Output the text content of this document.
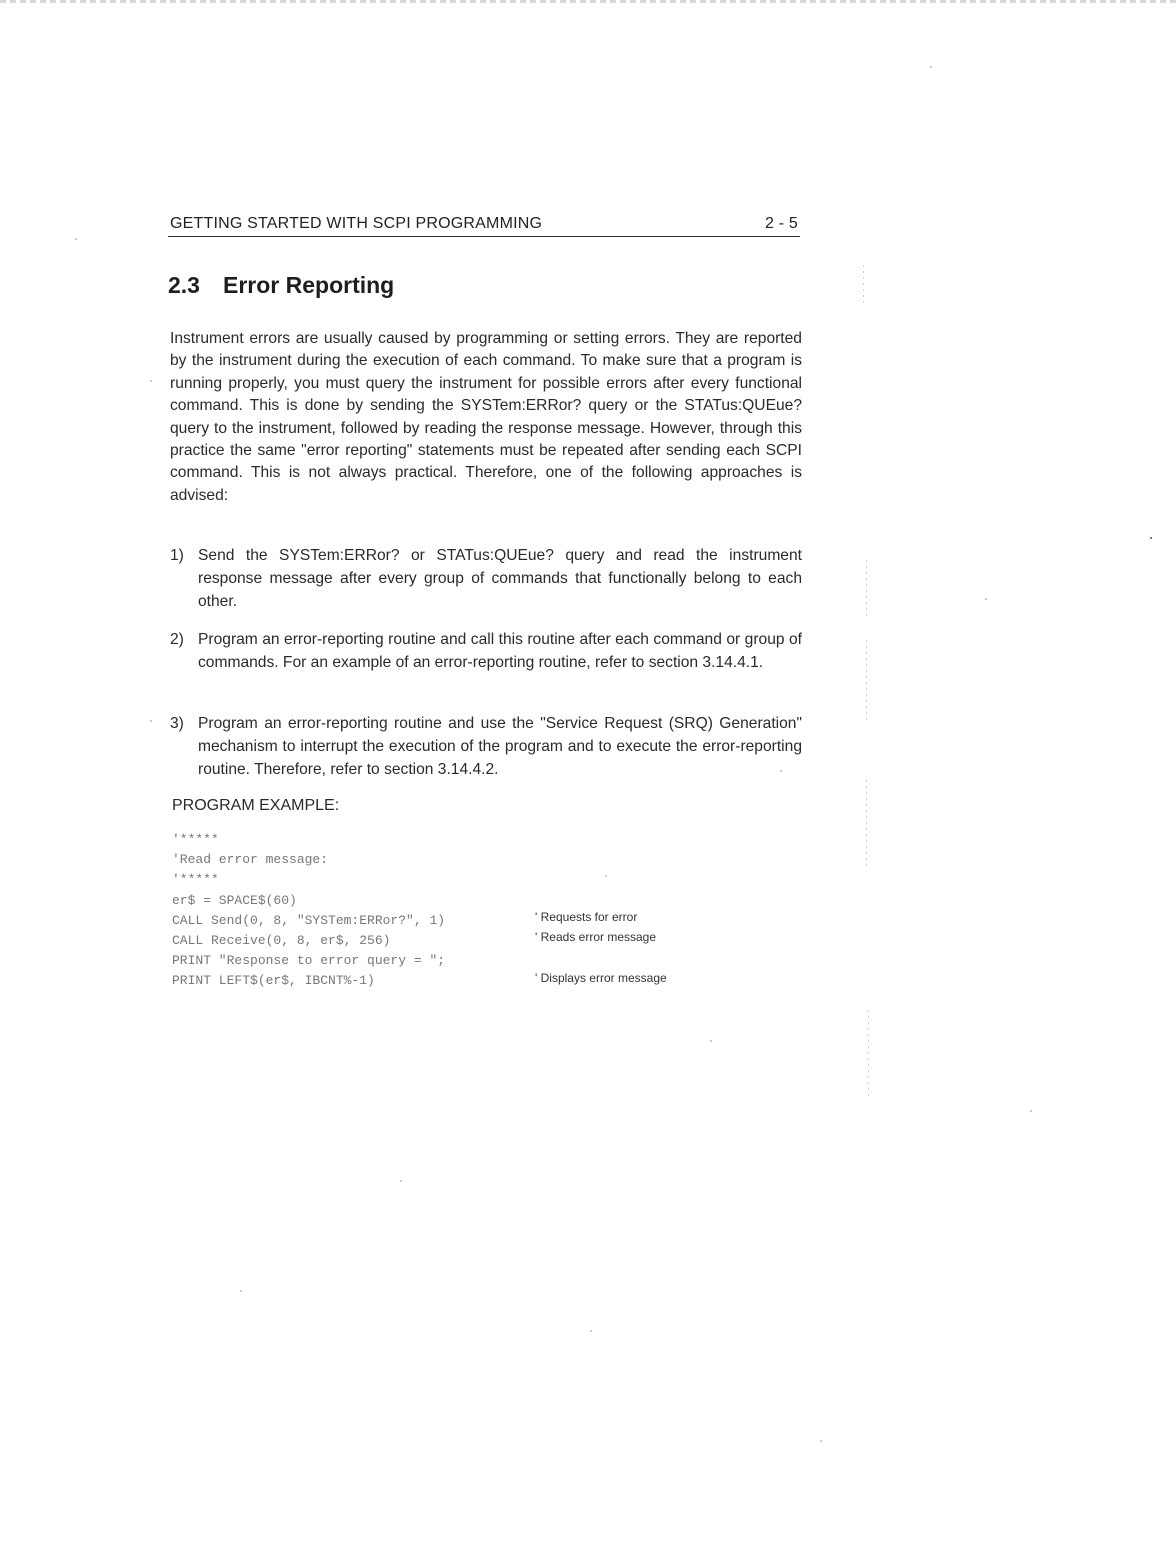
GETTING STARTED WITH SCPI PROGRAMMING	2 - 5
2.3 Error Reporting
Instrument errors are usually caused by programming or setting errors. They are reported by the instrument during the execution of each command. To make sure that a program is running properly, you must query the instrument for possible errors after every functional command. This is done by sending the SYSTem:ERRor? query or the STATus:QUEue? query to the instrument, followed by reading the response message. However, through this practice the same "error reporting" statements must be repeated after sending each SCPI command. This is not always practical. Therefore, one of the following approaches is advised:
1) Send the SYSTem:ERRor? or STATus:QUEue? query and read the instrument response message after every group of commands that functionally belong to each other.
2) Program an error-reporting routine and call this routine after each command or group of commands. For an example of an error-reporting routine, refer to section 3.14.4.1.
3) Program an error-reporting routine and use the "Service Request (SRQ) Generation" mechanism to interrupt the execution of the program and to execute the error-reporting routine. Therefore, refer to section 3.14.4.2.
PROGRAM EXAMPLE:
'*****
'Read error message:
'*****
er$ = SPACE$(60)
CALL Send(0, 8, "SYSTem:ERRor?", 1)
CALL Receive(0, 8, er$, 256)
PRINT "Response to error query = ";
PRINT LEFT$(er$, IBCNT%-1)
' Requests for error
' Reads error message
' Displays error message
